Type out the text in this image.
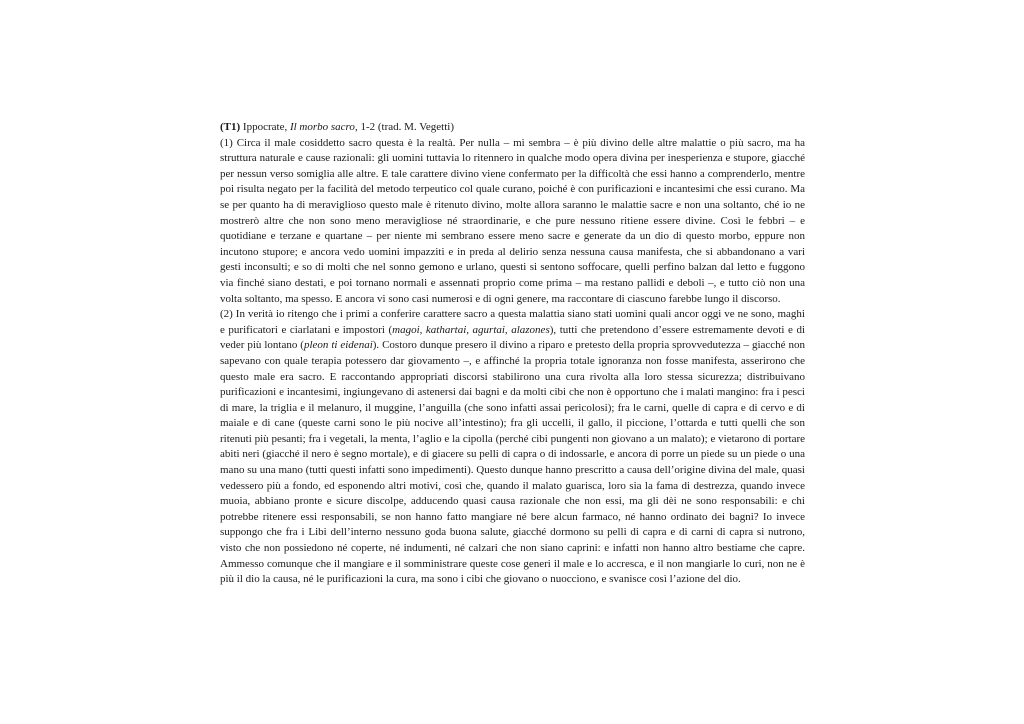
(T1) Ippocrate, Il morbo sacro, 1-2 (trad. M. Vegetti)

(1) Circa il male cosiddetto sacro questa è la realtà. Per nulla – mi sembra – è più divino delle altre malattie o più sacro, ma ha struttura naturale e cause razionali: gli uomini tuttavia lo ritennero in qualche modo opera divina per inesperienza e stupore, giacché per nessun verso somiglia alle altre. E tale carattere divino viene confermato per la difficoltà che essi hanno a comprenderlo, mentre poi risulta negato per la facilità del metodo terpeutico col quale curano, poiché è con purificazioni e incantesimi che essi curano. Ma se per quanto ha di meraviglioso questo male è ritenuto divino, molte allora saranno le malattie sacre e non una soltanto, ché io ne mostrerò altre che non sono meno meravigliose né straordinarie, e che pure nessuno ritiene essere divine. Così le febbri – e quotidiane e terzane e quartane – per niente mi sembrano essere meno sacre e generate da un dio di questo morbo, eppure non incutono stupore; e ancora vedo uomini impazziti e in preda al delirio senza nessuna causa manifesta, che si abbandonano a vari gesti inconsulti; e so di molti che nel sonno gemono e urlano, questi si sentono soffocare, quelli perfino balzan dal letto e fuggono via finché siano destati, e poi tornano normali e assennati proprio come prima – ma restano pallidi e deboli –, e tutto ciò non una volta soltanto, ma spesso. E ancora vi sono casi numerosi e di ogni genere, ma raccontare di ciascuno farebbe lungo il discorso.

(2) In verità io ritengo che i primi a conferire carattere sacro a questa malattia siano stati uomini quali ancor oggi ve ne sono, maghi e purificatori e ciarlatani e impostori (magoi, kathartai, agurtai, alazones), tutti che pretendono d’essere estremamente devoti e di veder più lontano (pleon ti eidenai). Costoro dunque presero il divino a riparo e pretesto della propria sprovvedutezza – giacché non sapevano con quale terapia potessero dar giovamento –, e affinché la propria totale ignoranza non fosse manifesta, asserirono che questo male era sacro. E raccontando appropriati discorsi stabilirono una cura rivolta alla loro stessa sicurezza; distribuivano purificazioni e incantesimi, ingiungevano di astenersi dai bagni e da molti cibi che non è opportuno che i malati mangino: fra i pesci di mare, la triglia e il melanuro, il muggine, l’anguilla (che sono infatti assai pericolosi); fra le carni, quelle di capra e di cervo e di maiale e di cane (queste carni sono le più nocive all’intestino); fra gli uccelli, il gallo, il piccione, l’ottarda e tutti quelli che son ritenuti più pesanti; fra i vegetali, la menta, l’aglio e la cipolla (perché cibi pungenti non giovano a un malato); e vietarono di portare abiti neri (giacché il nero è segno mortale), e di giacere su pelli di capra o di indossarle, e ancora di porre un piede su un piede o una mano su una mano (tutti questi infatti sono impedimenti). Questo dunque hanno prescritto a causa dell’origine divina del male, quasi vedessero più a fondo, ed esponendo altri motivi, così che, quando il malato guarisca, loro sia la fama di destrezza, quando invece muoia, abbiano pronte e sicure discolpe, adducendo quasi causa razionale che non essi, ma gli dèi ne sono responsabili: e chi potrebbe ritenere essi responsabili, se non hanno fatto mangiare né bere alcun farmaco, né hanno ordinato dei bagni? Io invece suppongo che fra i Libi dell’interno nessuno goda buona salute, giacché dormono su pelli di capra e di carni di capra si nutrono, visto che non possiedono né coperte, né indumenti, né calzari che non siano caprini: e infatti non hanno altro bestiame che capre. Ammesso comunque che il mangiare e il somministrare queste cose generi il male e lo accresca, e il non mangiarle lo curi, non ne è più il dio la causa, né le purificazioni la cura, ma sono i cibi che giovano o nuocciono, e svanisce così l’azione del dio.
